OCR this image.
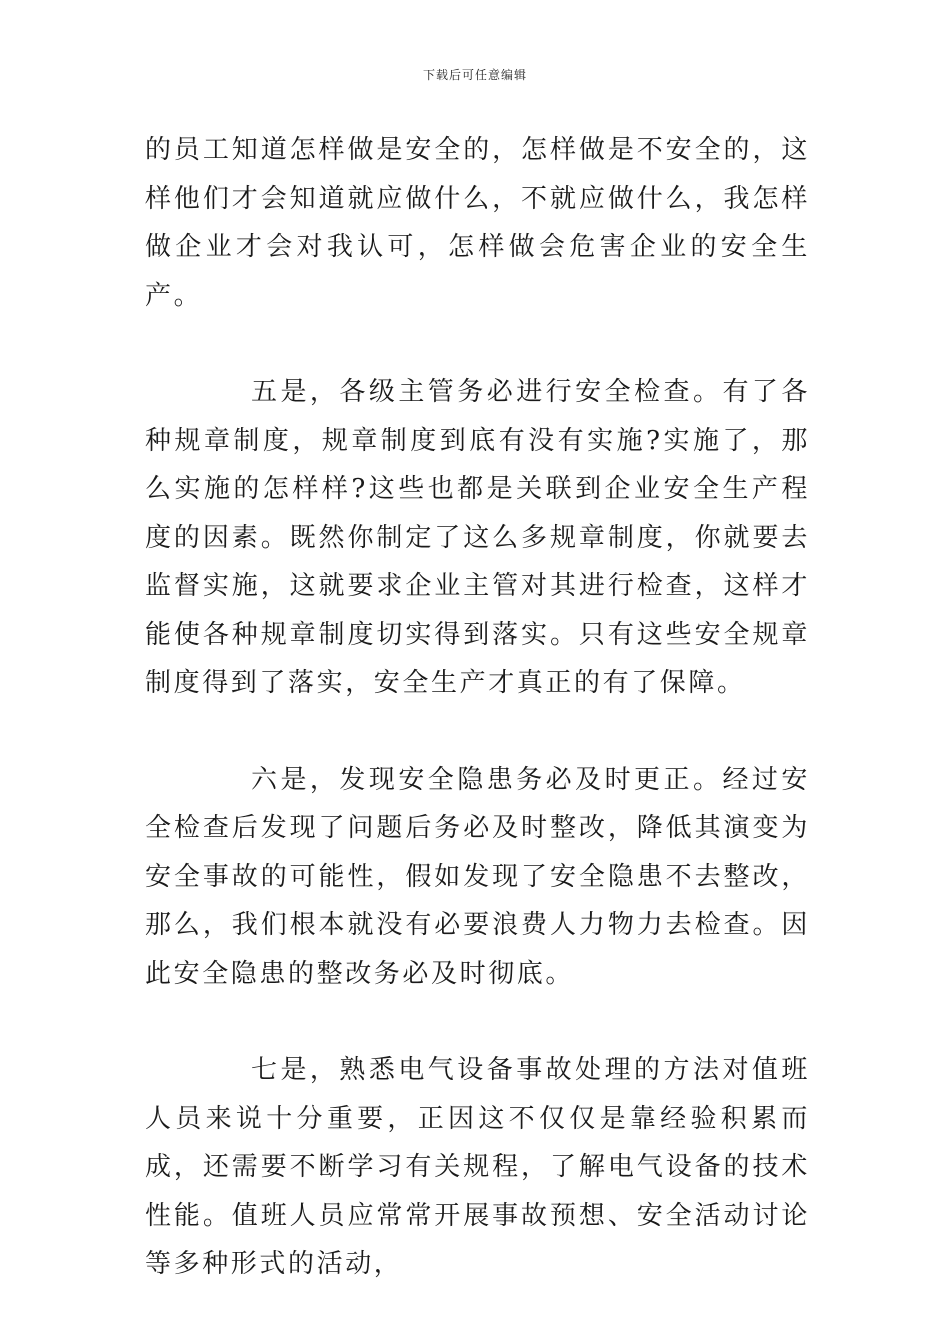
下载后可任意编辑

的员工知道怎样做是安全的，怎样做是不安全的，这样他们才会知道就应做什么，不就应做什么，我怎样做企业才会对我认可，怎样做会危害企业的安全生产。

五是，各级主管务必进行安全检查。有了各种规章制度，规章制度到底有没有实施?实施了，那么实施的怎样样?这些也都是关联到企业安全生产程度的因素。既然你制定了这么多规章制度，你就要去监督实施，这就要求企业主管对其进行检查，这样才能使各种规章制度切实得到落实。只有这些安全规章制度得到了落实，安全生产才真正的有了保障。

六是，发现安全隐患务必及时更正。经过安全检查后发现了问题后务必及时整改，降低其演变为安全事故的可能性，假如发现了安全隐患不去整改，那么，我们根本就没有必要浪费人力物力去检查。因此安全隐患的整改务必及时彻底。

七是，熟悉电气设备事故处理的方法对值班人员来说十分重要，正因这不仅仅是靠经验积累而成，还需要不断学习有关规程，了解电气设备的技术性能。值班人员应常常开展事故预想、安全活动讨论等多种形式的活动，
